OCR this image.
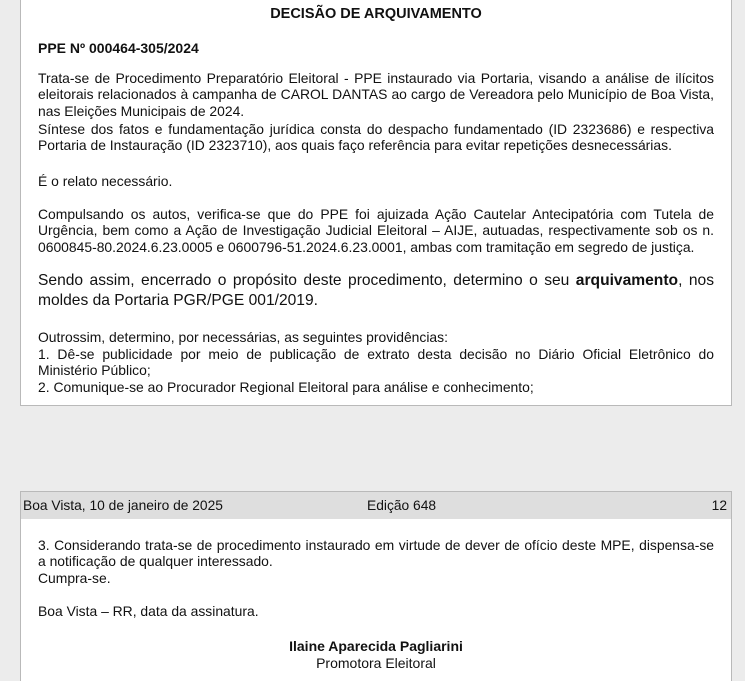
DECISÃO DE ARQUIVAMENTO

PPE Nº 000464-305/2024

Trata-se de Procedimento Preparatório Eleitoral - PPE instaurado via Portaria, visando a análise de ilícitos eleitorais relacionados à campanha de CAROL DANTAS ao cargo de Vereadora pelo Município de Boa Vista, nas Eleições Municipais de 2024.

Síntese dos fatos e fundamentação jurídica consta do despacho fundamentado (ID 2323686) e respectiva Portaria de Instauração (ID 2323710), aos quais faço referência para evitar repetições desnecessárias.

É o relato necessário.

Compulsando os autos, verifica-se que do PPE foi ajuizada Ação Cautelar Antecipatória com Tutela de Urgência, bem como a Ação de Investigação Judicial Eleitoral – AIJE, autuadas, respectivamente sob os n. 0600845-80.2024.6.23.0005 e 0600796-51.2024.6.23.0001, ambas com tramitação em segredo de justiça.

Sendo assim, encerrado o propósito deste procedimento, determino o seu arquivamento, nos moldes da Portaria PGR/PGE 001/2019.

Outrossim, determino, por necessárias, as seguintes providências:

1. Dê-se publicidade por meio de publicação de extrato desta decisão no Diário Oficial Eletrônico do Ministério Público;

2. Comunique-se ao Procurador Regional Eleitoral para análise e conhecimento;

Boa Vista, 10 de janeiro de 2025	Edição 648	12

3. Considerando trata-se de procedimento instaurado em virtude de dever de ofício deste MPE, dispensa-se a notificação de qualquer interessado.

Cumpra-se.

Boa Vista – RR, data da assinatura.

Ilaine Aparecida Pagliarini

Promotora Eleitoral
